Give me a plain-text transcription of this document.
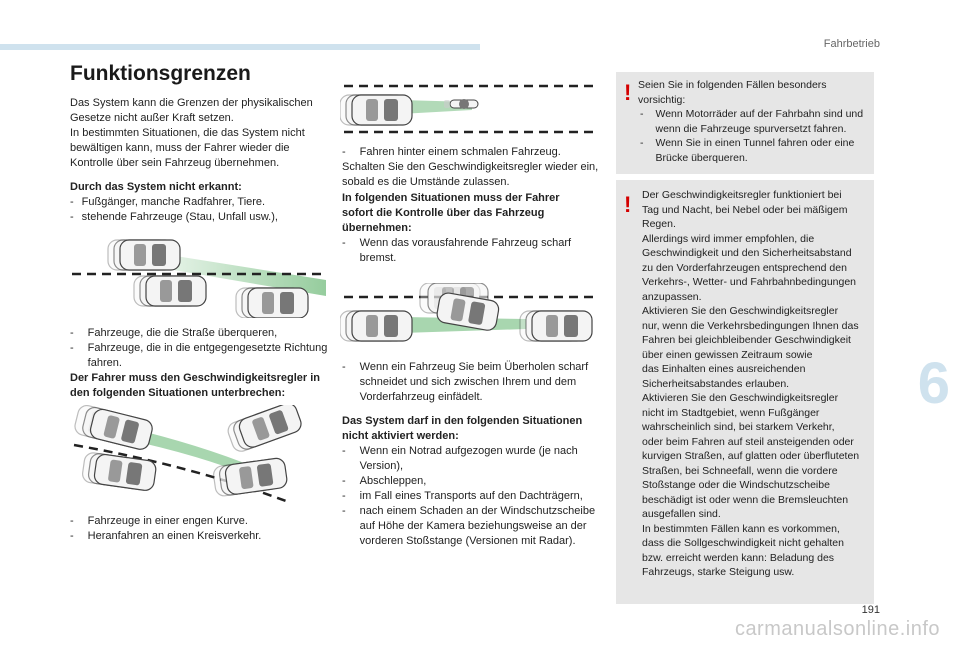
Fahrbetrieb
Funktionsgrenzen
Das System kann die Grenzen der physikalischen
Gesetze nicht außer Kraft setzen.
In bestimmten Situationen, die das System nicht
bewältigen kann, muss der Fahrer wieder die
Kontrolle über sein Fahrzeug übernehmen.
Durch das System nicht erkannt:
- Fußgänger, manche Radfahrer, Tiere.
- stehende Fahrzeuge (Stau, Unfall usw.),
-	Fahrzeuge, die die Straße überqueren,
-	Fahrzeuge, die in die entgegengesetzte Richtung fahren.
Der Fahrer muss den Geschwindigkeitsregler in den folgenden Situationen unterbrechen:
-	Fahrzeuge in einer engen Kurve.
-	Heranfahren an einen Kreisverkehr.
-	Fahren hinter einem schmalen Fahrzeug.
Schalten Sie den Geschwindigkeitsregler wieder ein, sobald es die Umstände zulassen.
In folgenden Situationen muss der Fahrer sofort die Kontrolle über das Fahrzeug übernehmen:
-	Wenn das vorausfahrende Fahrzeug scharf bremst.
-	Wenn ein Fahrzeug Sie beim Überholen scharf schneidet und sich zwischen Ihrem und dem Vorderfahrzeug einfädelt.
Das System darf in den folgenden Situationen nicht aktiviert werden:
-	Wenn ein Notrad aufgezogen wurde (je nach Version),
-	Abschleppen,
-	im Fall eines Transports auf den Dachträgern,
-	nach einem Schaden an der Windschutzscheibe auf Höhe der Kamera beziehungsweise an der vorderen Stoßstange (Versionen mit Radar).
! Seien Sie in folgenden Fällen besonders vorsichtig:
-	Wenn Motorräder auf der Fahrbahn sind und wenn die Fahrzeuge spurversetzt fahren.
-	Wenn Sie in einen Tunnel fahren oder eine Brücke überqueren.
! Der Geschwindigkeitsregler funktioniert bei
Tag und Nacht, bei Nebel oder bei mäßigem
Regen.
Allerdings wird immer empfohlen, die
Geschwindigkeit und den Sicherheitsabstand
zu den Vorderfahrzeugen entsprechend den
Verkehrs-, Wetter- und Fahrbahnbedingungen
anzupassen.
Aktivieren Sie den Geschwindigkeitsregler
nur, wenn die Verkehrsbedingungen Ihnen das
Fahren bei gleichbleibender Geschwindigkeit
über einen gewissen Zeitraum sowie
das Einhalten eines ausreichenden
Sicherheitsabstandes erlauben.
Aktivieren Sie den Geschwindigkeitsregler
nicht im Stadtgebiet, wenn Fußgänger
wahrscheinlich sind, bei starkem Verkehr,
oder beim Fahren auf steil ansteigenden oder
kurvigen Straßen, auf glatten oder überfluteten
Straßen, bei Schneefall, wenn die vordere
Stoßstange oder die Windschutzscheibe
beschädigt ist oder wenn die Bremsleuchten
ausgefallen sind.
In bestimmten Fällen kann es vorkommen,
dass die Sollgeschwindigkeit nicht gehalten
bzw. erreicht werden kann: Beladung des
Fahrzeugs, starke Steigung usw.
6
191
carmanualsonline.info
